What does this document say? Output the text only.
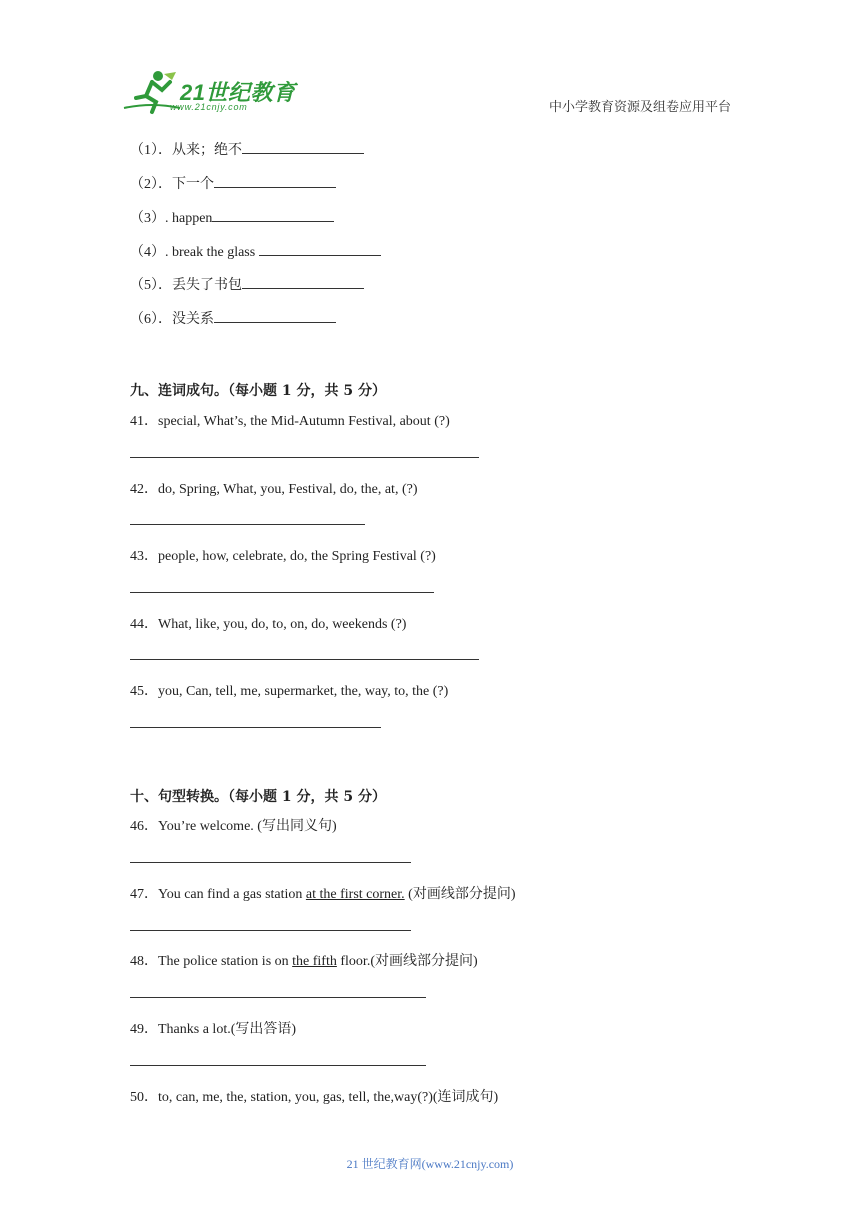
21世纪教育
www.21cnjy.com	中小学教育资源及组卷应用平台
（1）．从来；绝不
（2）．下一个
（3）. happen
（4）. break the glass
（5）．丢失了书包
（6）．没关系
九、连词成句。（每小题 1 分，共 5 分）
41．special, What’s, the Mid-Autumn Festival, about (?)
42．do, Spring, What, you, Festival, do, the, at, (?)
43．people, how, celebrate, do, the Spring Festival (?)
44．What, like, you, do, to, on, do, weekends (?)
45．you, Can, tell, me, supermarket, the, way, to, the (?)
十、句型转换。（每小题 1 分，共 5 分）
46．You’re welcome. (写出同义句)
47．You can find a gas station at the first corner. (对画线部分提问)
48．The police station is on the fifth floor.(对画线部分提问)
49．Thanks a lot.(写出答语)
50．to, can, me, the, station, you, gas, tell, the,way(?)(连词成句)
21 世纪教育网(www.21cnjy.com)
